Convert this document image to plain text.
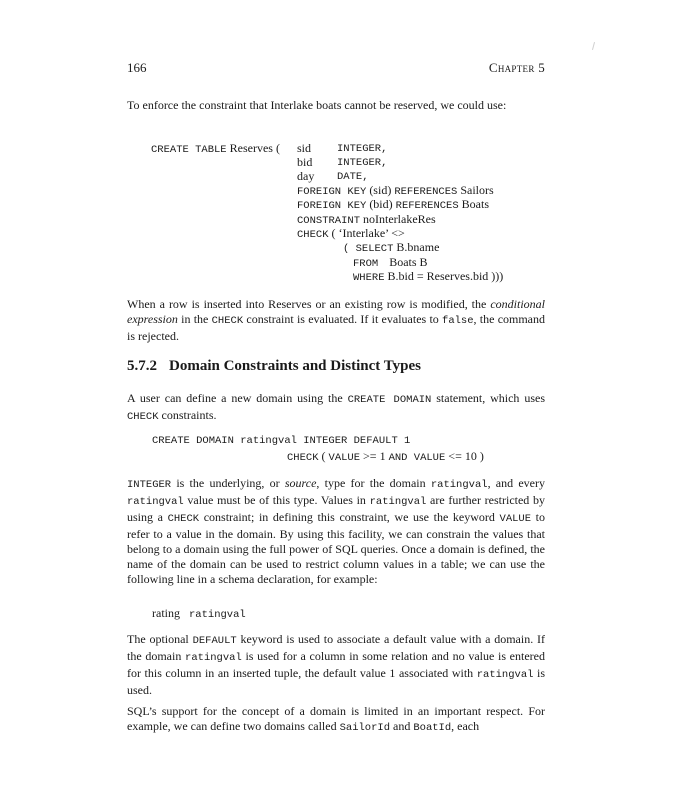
166	Chapter 5

To enforce the constraint that Interlake boats cannot be reserved, we could use:

CREATE TABLE Reserves ( sid INTEGER,
bid INTEGER,
day DATE,
FOREIGN KEY (sid) REFERENCES Sailors
FOREIGN KEY (bid) REFERENCES Boats
CONSTRAINT noInterlakeRes
CHECK ( ‘Interlake’ <>
( SELECT B.bname
FROM Boats B
WHERE B.bid = Reserves.bid )))

When a row is inserted into Reserves or an existing row is modified, the conditional expression in the CHECK constraint is evaluated. If it evaluates to false, the command is rejected.

5.7.2 Domain Constraints and Distinct Types

A user can define a new domain using the CREATE DOMAIN statement, which uses CHECK constraints.

CREATE DOMAIN ratingval INTEGER DEFAULT 1
CHECK ( VALUE >= 1 AND VALUE <= 10 )

INTEGER is the underlying, or source, type for the domain ratingval, and every ratingval value must be of this type. Values in ratingval are further restricted by using a CHECK constraint; in defining this constraint, we use the keyword VALUE to refer to a value in the domain. By using this facility, we can constrain the values that belong to a domain using the full power of SQL queries. Once a domain is defined, the name of the domain can be used to restrict column values in a table; we can use the following line in a schema declaration, for example:

rating ratingval

The optional DEFAULT keyword is used to associate a default value with a domain. If the domain ratingval is used for a column in some relation and no value is entered for this column in an inserted tuple, the default value 1 associated with ratingval is used.

SQL’s support for the concept of a domain is limited in an important respect. For example, we can define two domains called SailorId and BoatId, each
